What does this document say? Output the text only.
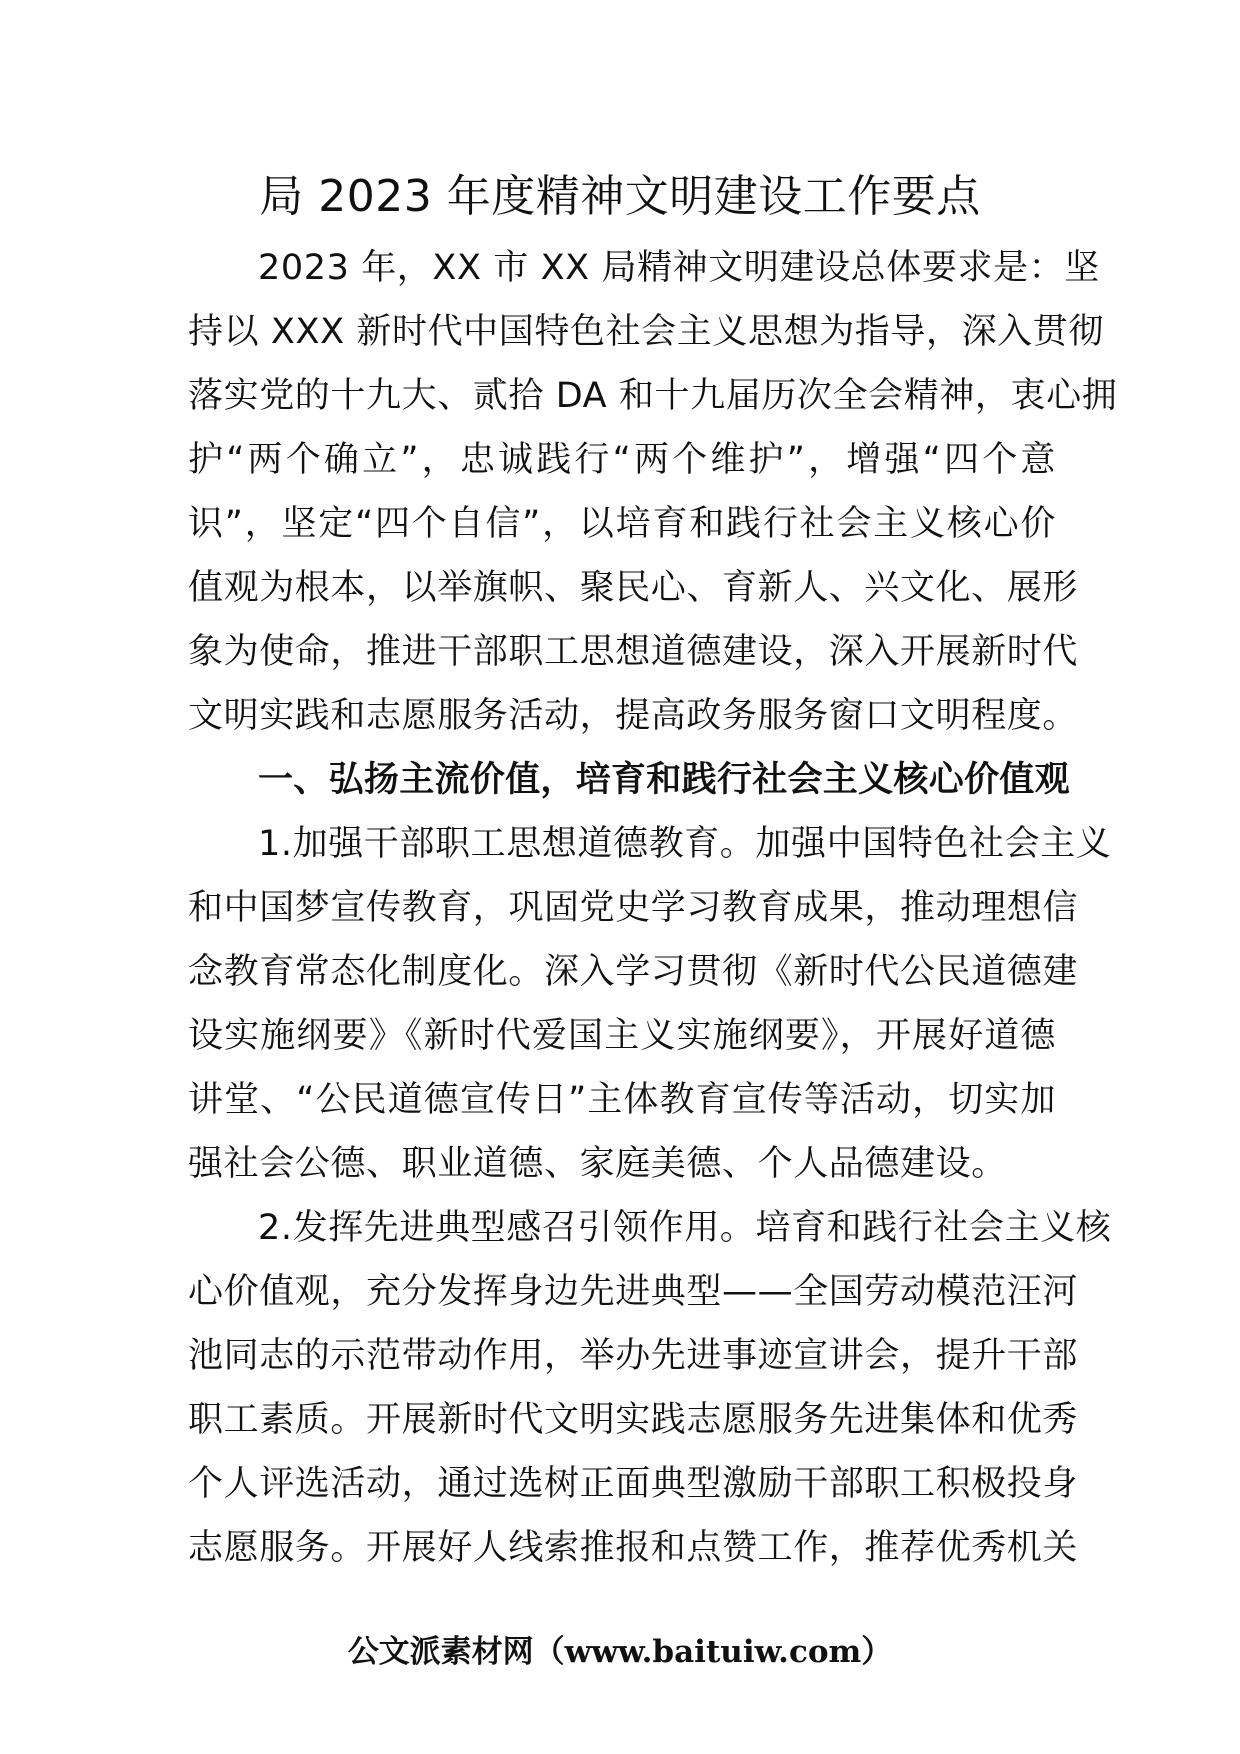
局 2023 年度精神文明建设工作要点
2023 年，XX 市 XX 局精神文明建设总体要求是：坚
持以 XXX 新时代中国特色社会主义思想为指导，深入贯彻
落实党的十九大、贰拾 DA 和十九届历次全会精神，衷心拥
护“两个确立”，忠诚践行“两个维护”，增强“四个意
识”，坚定“四个自信”，以培育和践行社会主义核心价
值观为根本，以举旗帜、聚民心、育新人、兴文化、展形
象为使命，推进干部职工思想道德建设，深入开展新时代
文明实践和志愿服务活动，提高政务服务窗口文明程度。
一、弘扬主流价值，培育和践行社会主义核心价值观
1.加强干部职工思想道德教育。加强中国特色社会主义
和中国梦宣传教育，巩固党史学习教育成果，推动理想信
念教育常态化制度化。深入学习贯彻《新时代公民道德建
设实施纲要》《新时代爱国主义实施纲要》，开展好道德
讲堂、“公民道德宣传日”主体教育宣传等活动，切实加
强社会公德、职业道德、家庭美德、个人品德建设。
2.发挥先进典型感召引领作用。培育和践行社会主义核
心价值观，充分发挥身边先进典型——全国劳动模范汪河
池同志的示范带动作用，举办先进事迹宣讲会，提升干部
职工素质。开展新时代文明实践志愿服务先进集体和优秀
个人评选活动，通过选树正面典型激励干部职工积极投身
志愿服务。开展好人线索推报和点赞工作，推荐优秀机关
公文派素材网（www.baituiw.com）
